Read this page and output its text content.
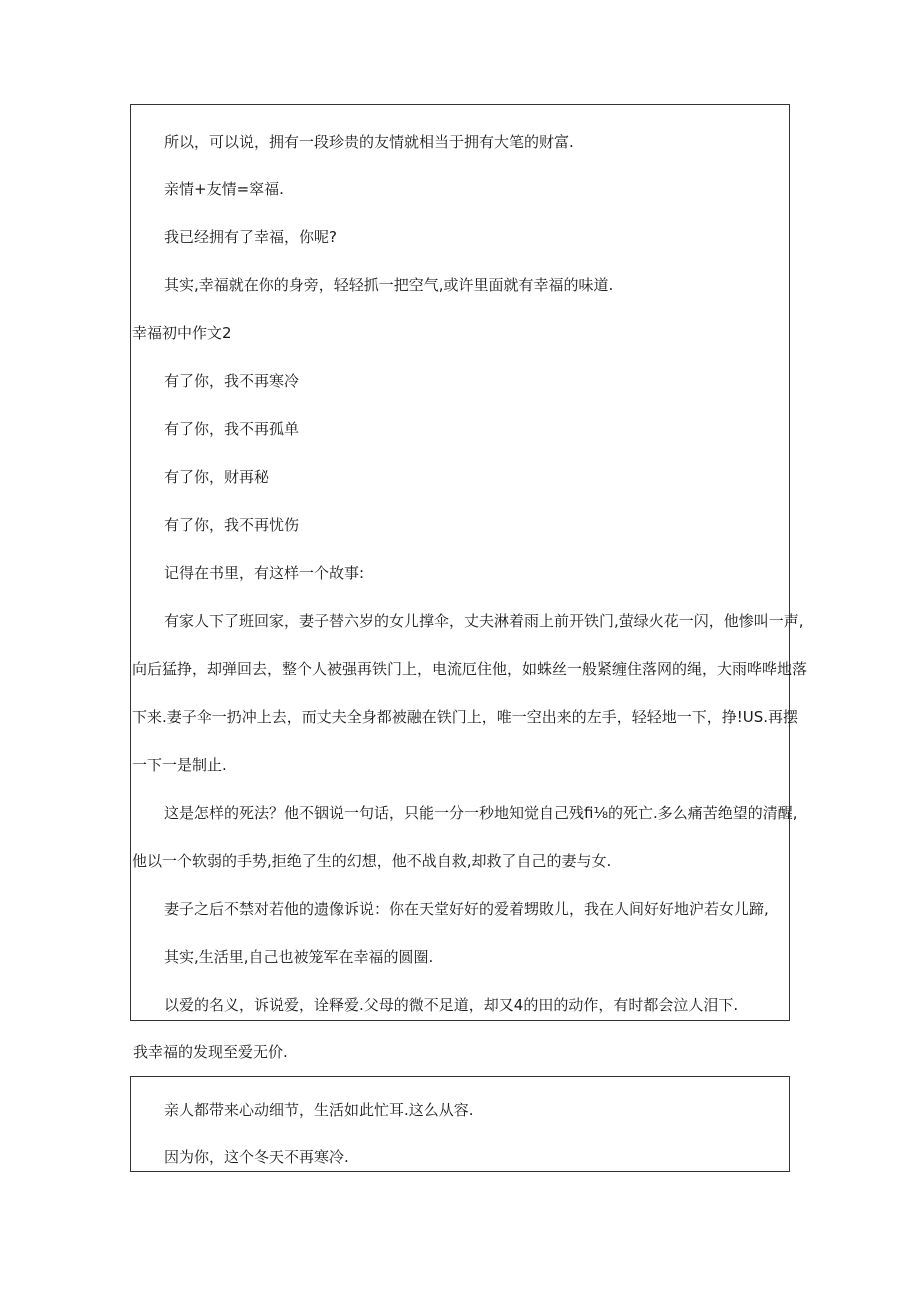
所以，可以说，拥有一段珍贵的友情就相当于拥有大笔的财富.
亲情+友情=窣福.
我已经拥有了幸福，你呢?
其实,幸福就在你的身旁，轻轻抓一把空气,或许里面就有幸福的味道.
幸福初中作文2
有了你，我不再寒冷
有了你，我不再孤单
有了你，财再秘
有了你，我不再忧伤
记得在书里，有这样一个故事:
有家人下了班回家，妻子替六岁的女儿撑伞，丈夫淋着雨上前开铁门,萤绿火花一闪，他惨叫一声,
向后猛挣，却弹回去，整个人被强再铁门上，电流厄住他，如蛛丝一般紧缠住落网的绳，大雨哗哗地落
下来.妻子伞一扔冲上去，而丈夫全身都被融在铁门上，唯一空出来的左手，轻轻地一下，挣!US.再摆
一下一是制止.
这是怎样的死法？他不铟说一句话，只能一分一秒地知觉自己残fi⅛的死亡.多么痛苦绝望的清醒,
他以一个软弱的手势,拒绝了生的幻想，他不战自救,却救了自己的妻与女.
妻子之后不禁对若他的遗像诉说：你在天堂好好的爱着甥敗儿，我在人间好好地沪若女儿蹄,
其实,生活里,自己也被笼军在幸福的圆圈.
以爱的名义，诉说爱，诠释爱.父母的微不足道，却又4的田的动作，有时都会泣人泪下.
我幸福的发现至爱无价.
亲人都带来心动细节，生活如此忙耳.这么从容.
因为你，这个冬天不再寒冷.
